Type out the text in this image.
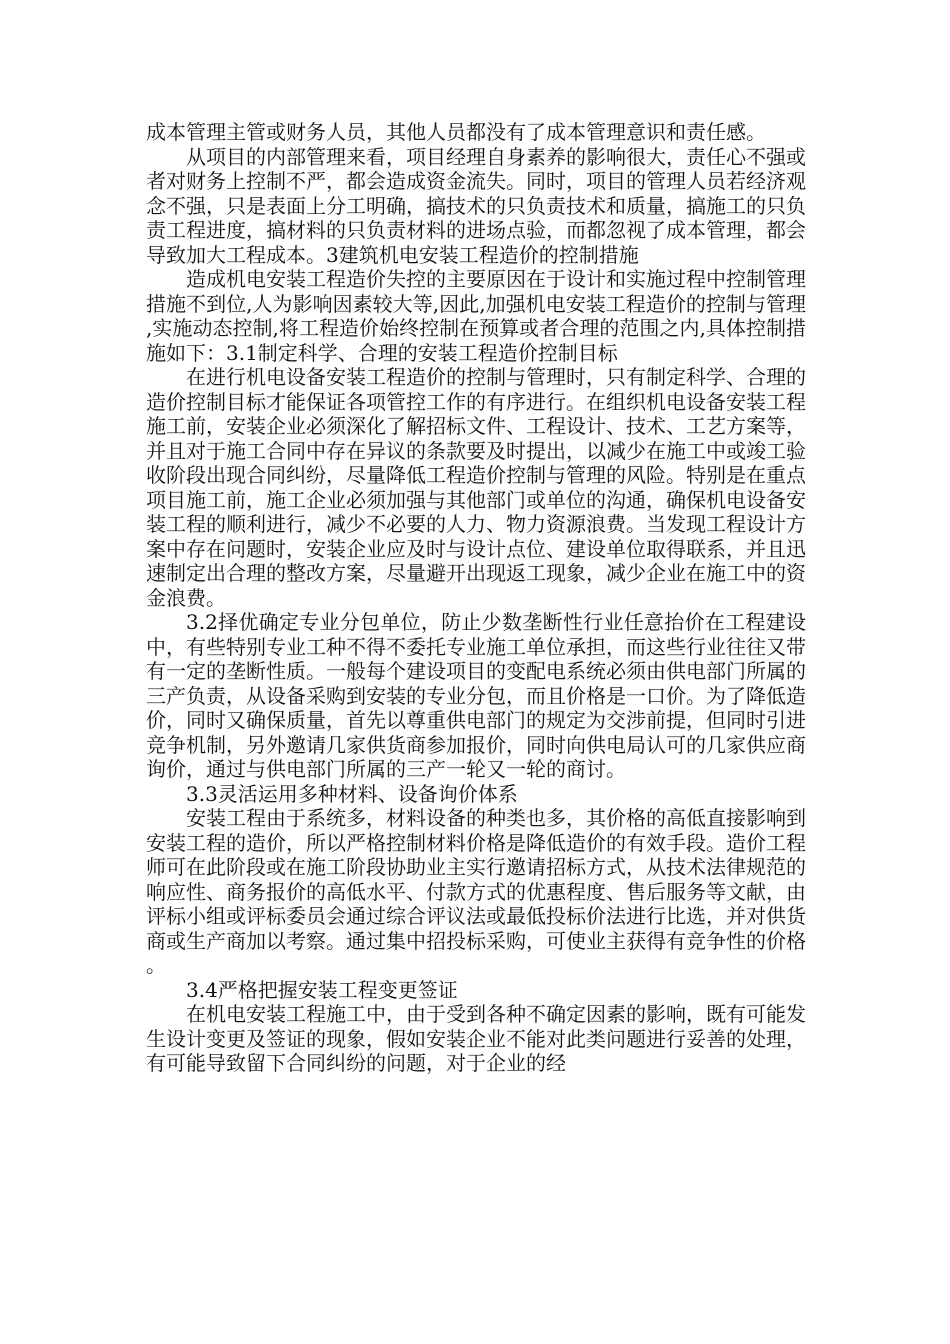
成本管理主管或财务人员，其他人员都没有了成本管理意识和责任感。

从项目的内部管理来看，项目经理自身素养的影响很大，责任心不强或者对财务上控制不严，都会造成资金流失。同时，项目的管理人员若经济观念不强，只是表面上分工明确，搞技术的只负责技术和质量，搞施工的只负责工程进度，搞材料的只负责材料的进场点验，而都忽视了成本管理，都会导致加大工程成本。3建筑机电安装工程造价的控制措施

造成机电安装工程造价失控的主要原因在于设计和实施过程中控制管理措施不到位,人为影响因素较大等,因此,加强机电安装工程造价的控制与管理,实施动态控制,将工程造价始终控制在预算或者合理的范围之内,具体控制措施如下：3.1制定科学、合理的安装工程造价控制目标

在进行机电设备安装工程造价的控制与管理时，只有制定科学、合理的造价控制目标才能保证各项管控工作的有序进行。在组织机电设备安装工程施工前，安装企业必须深化了解招标文件、工程设计、技术、工艺方案等，并且对于施工合同中存在异议的条款要及时提出，以减少在施工中或竣工验收阶段出现合同纠纷，尽量降低工程造价控制与管理的风险。特别是在重点项目施工前，施工企业必须加强与其他部门或单位的沟通，确保机电设备安装工程的顺利进行，减少不必要的人力、物力资源浪费。当发现工程设计方案中存在问题时，安装企业应及时与设计点位、建设单位取得联系，并且迅速制定出合理的整改方案，尽量避开出现返工现象，减少企业在施工中的资金浪费。

3.2择优确定专业分包单位，防止少数垄断性行业任意抬价在工程建设中，有些特别专业工种不得不委托专业施工单位承担，而这些行业往往又带有一定的垄断性质。一般每个建设项目的变配电系统必须由供电部门所属的三产负责，从设备采购到安装的专业分包，而且价格是一口价。为了降低造价，同时又确保质量，首先以尊重供电部门的规定为交涉前提，但同时引进竞争机制，另外邀请几家供货商参加报价，同时向供电局认可的几家供应商询价，通过与供电部门所属的三产一轮又一轮的商讨。

3.3灵活运用多种材料、设备询价体系

安装工程由于系统多，材料设备的种类也多，其价格的高低直接影响到安装工程的造价，所以严格控制材料价格是降低造价的有效手段。造价工程师可在此阶段或在施工阶段协助业主实行邀请招标方式，从技术法律规范的响应性、商务报价的高低水平、付款方式的优惠程度、售后服务等文献，由评标小组或评标委员会通过综合评议法或最低投标价法进行比选，并对供货商或生产商加以考察。通过集中招投标采购，可使业主获得有竞争性的价格。

3.4严格把握安装工程变更签证

在机电安装工程施工中，由于受到各种不确定因素的影响，既有可能发生设计变更及签证的现象，假如安装企业不能对此类问题进行妥善的处理，有可能导致留下合同纠纷的问题，对于企业的经
